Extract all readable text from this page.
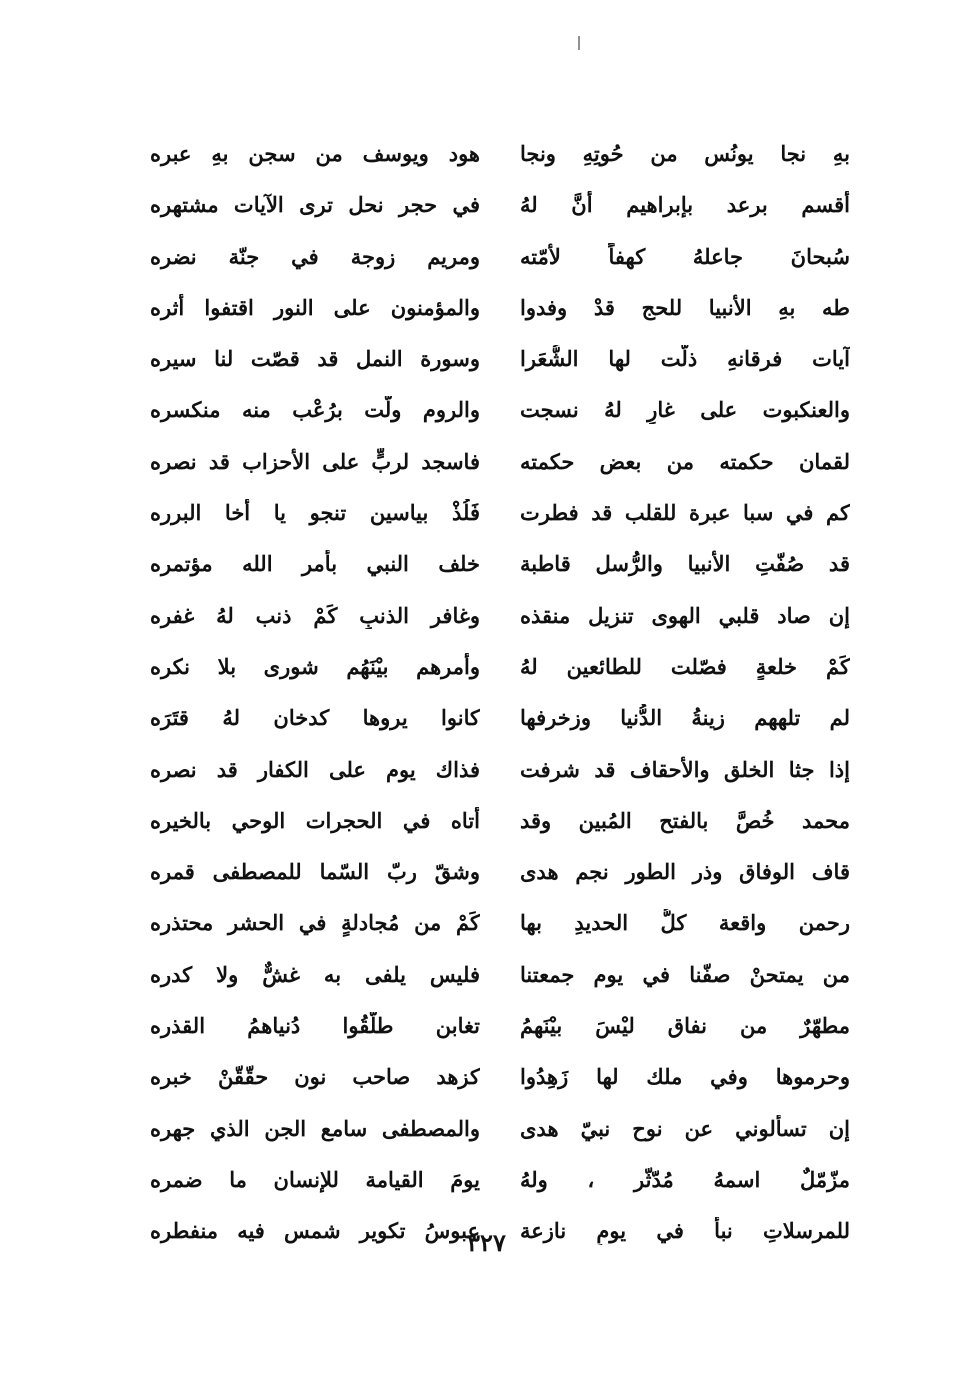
بهِ نجا يونُس من حُوتِهِ ونجا
هود ويوسف من سجن بهِ عبره
أقسم برعد بإبراهيم أنَّ لهُ
في حجر نحل ترى الآيات مشتهره
سُبحانَ جاعلهُ كهفاً لأمّته
ومريم زوجة في جنّة نضره
طه بهِ الأنبيا للحج قدْ وفدوا
والمؤمنون على النور اقتفوا أثره
آيات فرقانهِ ذلّت لها الشُّعَرا
وسورة النمل قد قصّت لنا سيره
والعنكبوت على غارٍ لهُ نسجت
والروم ولّت برُعْب منه منكسره
لقمان حكمته من بعض حكمته
فاسجد لربٍّ على الأحزاب قد نصره
كم في سبا عبرة للقلب قد فطرت
فَلُذْ بياسين تنجو يا أخا البرره
قد صُفّتِ الأنبيا والرُّسل قاطبة
خلف النبي بأمر الله مؤتمره
إن صاد قلبي الهوى تنزيل منقذه
وغافر الذنبِ كَمْ ذنب لهُ غفره
كَمْ خلعةٍ فصّلت للطائعين لهُ
وأمرهم بيْنَهُم شورى بلا نكره
لم تلههم زينةُ الدُّنيا وزخرفها
كانوا يروها كدخان لهُ قتَرَه
إذا جثا الخلق والأحقاف قد شرفت
فذاك يوم على الكفار قد نصره
محمد خُصَّ بالفتح المُبين وقد
أتاه في الحجرات الوحي بالخيره
قاف الوفاق وذر الطور نجم هدى
وشقّ ربّ السّما للمصطفى قمره
رحمن واقعة كلُّ الحديدِ بها
كَمْ من مُجادلةٍ في الحشر محتذره
من يمتحنْ صفّنا في يوم جمعتنا
فليس يلفى به غشٌّ ولا كدره
مطهّرٌ من نفاق ليْسَ بيْنَهمُ
تغابن طلّقُوا دُنياهمُ القذره
وحرموها وفي ملك لها زَهِدُوا
كزهد صاحب نون حقّقّنْ خبره
إن تسألوني عن نوح نبيّ هدى
والمصطفى سامع الجن الذي جهره
مزّمّلٌ اسمهُ مُدّثّر ، ولهُ
يومَ القيامة للإنسان ما ضمره
للمرسلاتِ نبأً في يومِ نازعة
عبوسُ تكوير شمس فيه منفطره
٣٢٧
